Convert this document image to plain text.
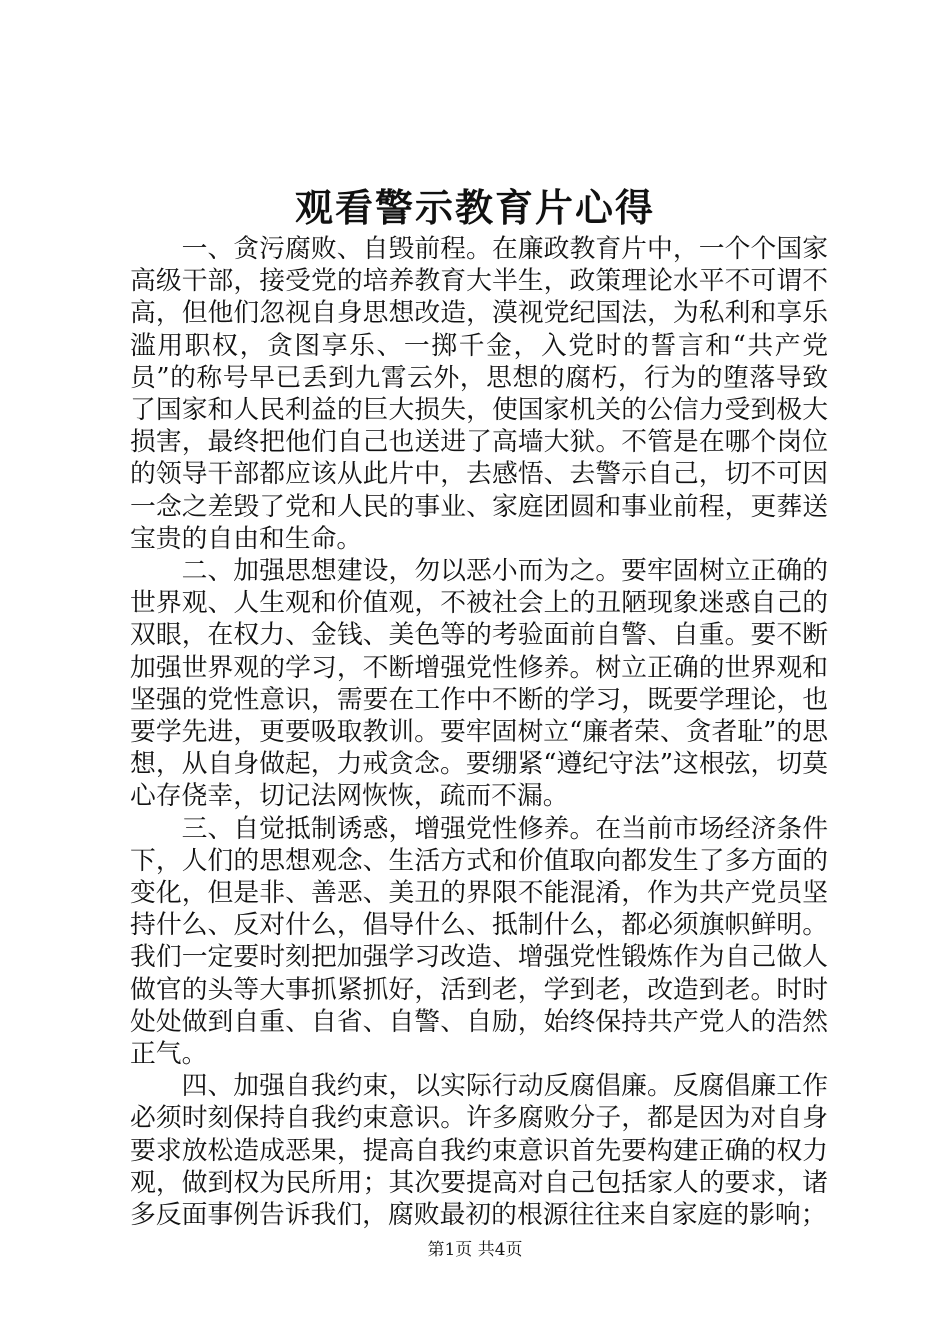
观看警示教育片心得

一、贪污腐败、自毁前程。在廉政教育片中，一个个国家高级干部，接受党的培养教育大半生，政策理论水平不可谓不高，但他们忽视自身思想改造，漠视党纪国法，为私利和享乐滥用职权，贪图享乐、一掷千金，入党时的誓言和“共产党员”的称号早已丢到九霄云外，思想的腐朽，行为的堕落导致了国家和人民利益的巨大损失，使国家机关的公信力受到极大损害，最终把他们自己也送进了高墙大狱。不管是在哪个岗位的领导干部都应该从此片中，去感悟、去警示自己，切不可因一念之差毁了党和人民的事业、家庭团圆和事业前程，更葬送宝贵的自由和生命。

二、加强思想建设，勿以恶小而为之。要牢固树立正确的世界观、人生观和价值观，不被社会上的丑陋现象迷惑自己的双眼，在权力、金钱、美色等的考验面前自警、自重。要不断加强世界观的学习，不断增强党性修养。树立正确的世界观和坚强的党性意识，需要在工作中不断的学习，既要学理论，也要学先进，更要吸取教训。要牢固树立“廉者荣、贪者耻”的思想，从自身做起，力戒贪念。要绷紧“遵纪守法”这根弦，切莫心存侥幸，切记法网恢恢，疏而不漏。

三、自觉抵制诱惑，增强党性修养。在当前市场经济条件下，人们的思想观念、生活方式和价值取向都发生了多方面的变化，但是非、善恶、美丑的界限不能混淆，作为共产党员坚持什么、反对什么，倡导什么、抵制什么，都必须旗帜鲜明。我们一定要时刻把加强学习改造、增强党性锻炼作为自己做人做官的头等大事抓紧抓好，活到老，学到老，改造到老。时时处处做到自重、自省、自警、自励，始终保持共产党人的浩然正气。

四、加强自我约束，以实际行动反腐倡廉。反腐倡廉工作必须时刻保持自我约束意识。许多腐败分子，都是因为对自身要求放松造成恶果，提高自我约束意识首先要构建正确的权力观，做到权为民所用；其次要提高对自己包括家人的要求，诸多反面事例告诉我们，腐败最初的根源往往来自家庭的影响；

第1页 共4页
